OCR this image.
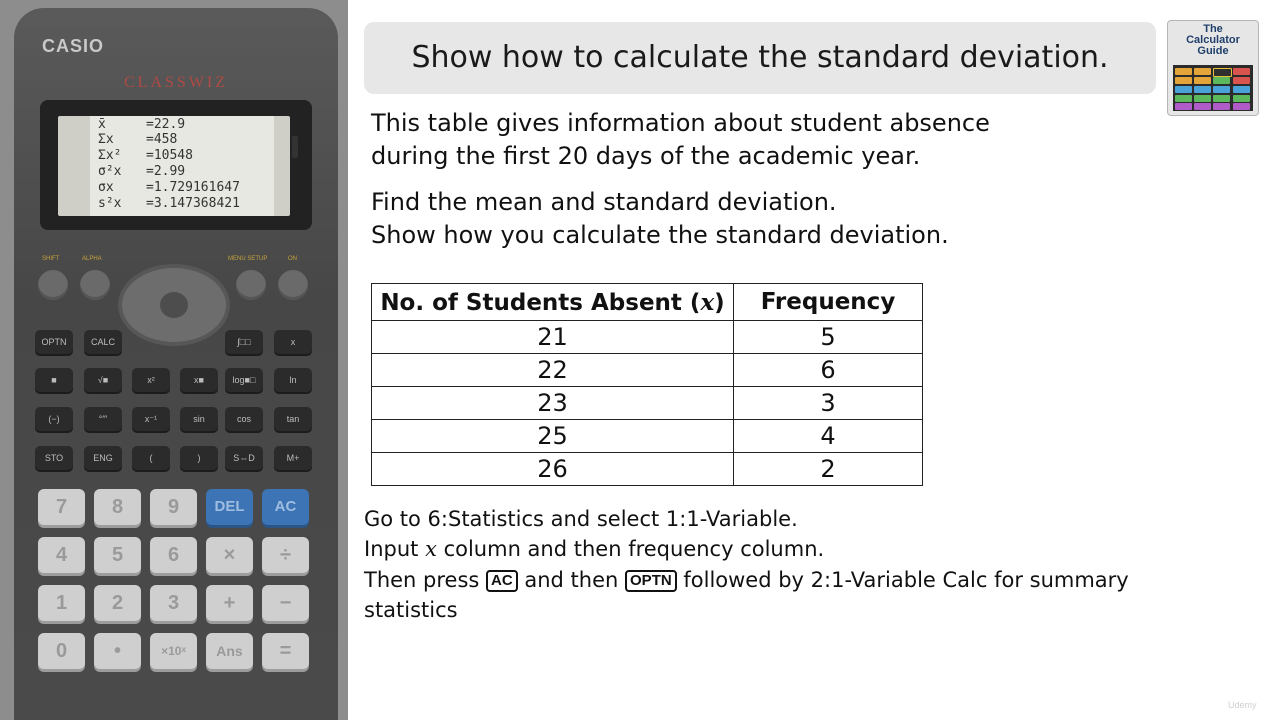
CASIO
CLASSWIZ
x̄	=22.9
Σx =458
Σx² =10548
σ²x =2.99
σx =1.729161647
s²x =3.147368421
SHIFT	ALPHA	MENU SETUP	ON
OPTN	CALC	∫□□	x
■	√■	x²	x■	log■□	ln
(−)	°′″	x⁻¹	sin	cos	tan
STO	ENG	(	)	S⇔D	M+
7	8	9	DEL	AC
4	5	6	×	÷
1	2	3	+	−
0	•	×10ˣ	Ans	=
Show how to calculate the standard deviation.
The
Calculator
Guide
This table gives information about student absence
during the first 20 days of the academic year.
Find the mean and standard deviation.
Show how you calculate the standard deviation.
No. of Students Absent (x)	Frequency
21	5
22	6
23	3
25	4
26	2
Go to 6:Statistics and select 1:1-Variable.
Input x column and then frequency column.
Then press AC and then OPTN followed by 2:1-Variable Calc for summary
statistics
Udemy
